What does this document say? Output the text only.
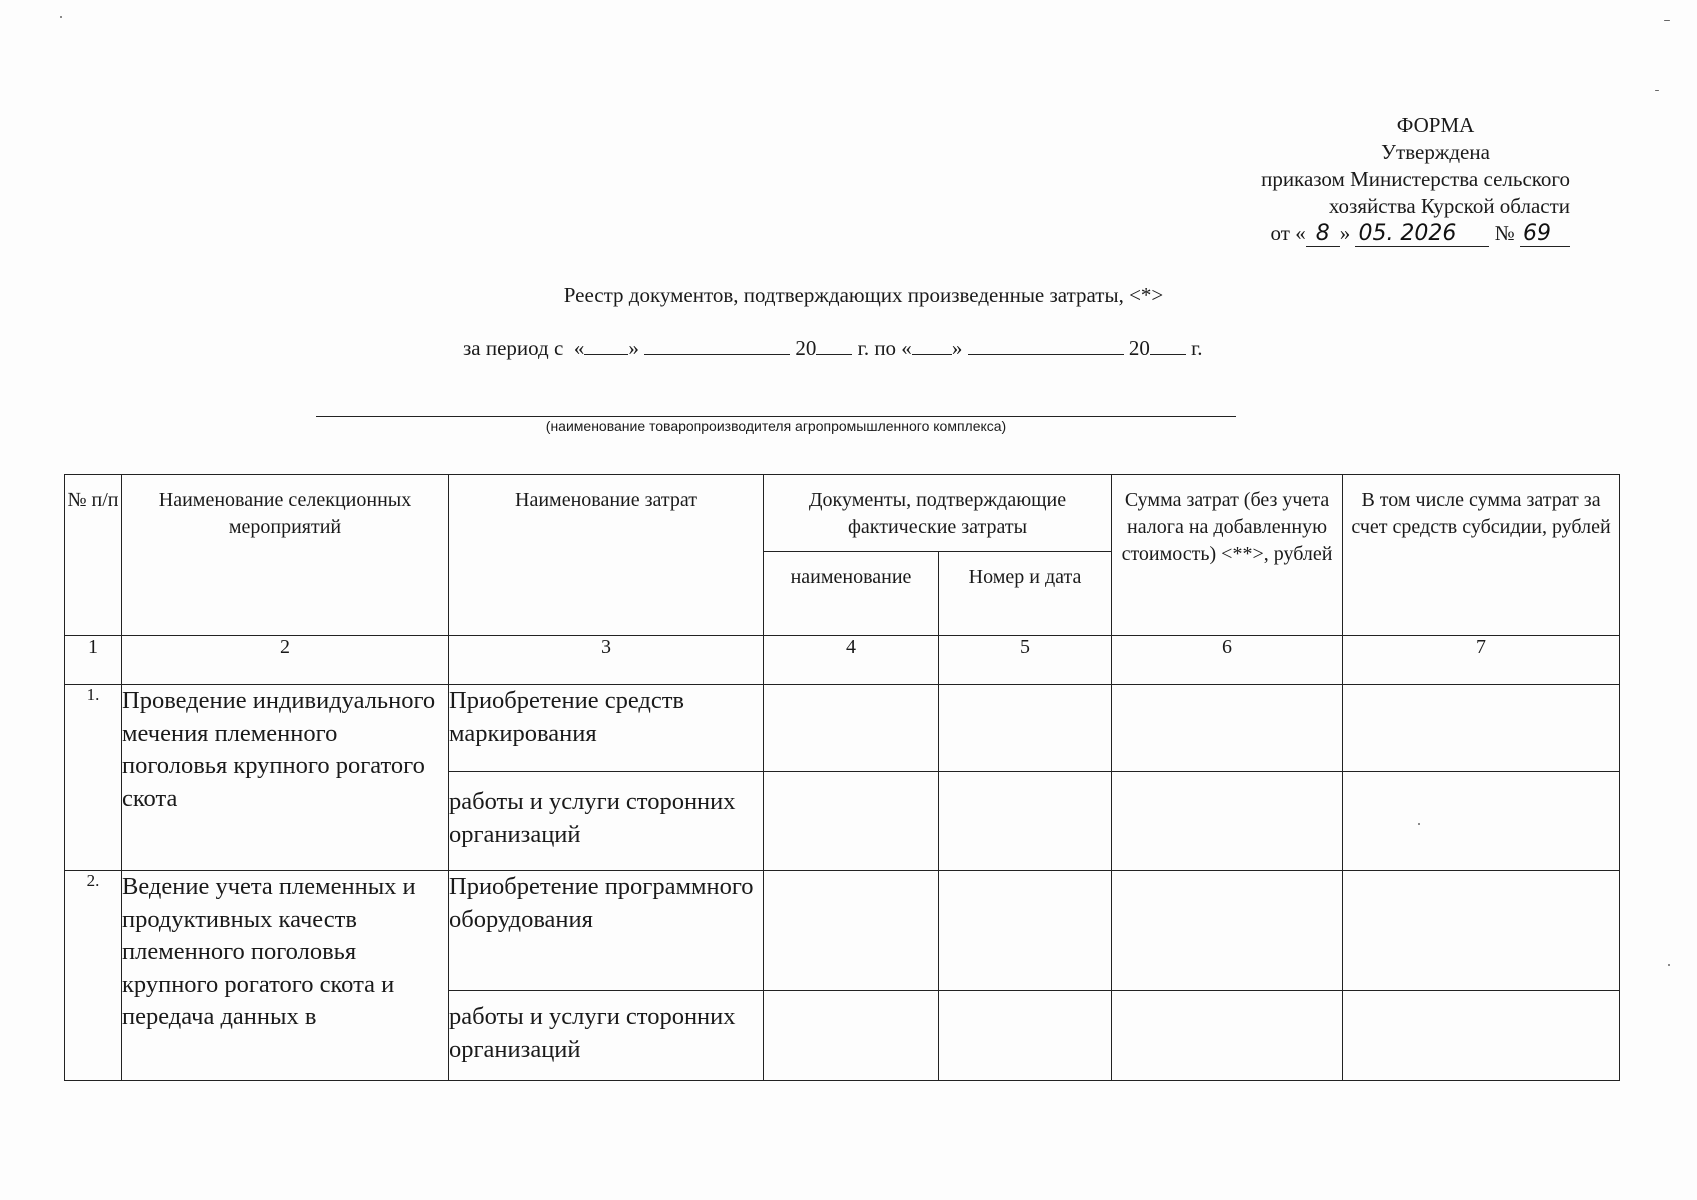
ФОРМА
Утверждена
приказом Министерства сельского
хозяйства Курской области
от « 8 » 05. 2026 № 69
Реестр документов, подтверждающих произведенные затраты, <*>
за период с  « »	20 г. по « »	20 г.
(наименование товаропроизводителя агропромышленного комплекса)
№ п/п	Наименование селекционных мероприятий	Наименование затрат	Документы, подтверждающие фактические затраты		Сумма затрат (без учета налога на добавленную стоимость) <**>, рублей	В том числе сумма затрат за счет средств субсидии, рублей
			наименование	Номер и дата		
1	2	3	4	5	6	7
1.	Проведение индивидуального мечения племенного поголовья крупного рогатого скота	Приобретение средств маркирования				
		работы и услуги сторонних организаций				
2.	Ведение учета племенных и продуктивных качеств племенного поголовья крупного рогатого скота и передача данных в	Приобретение программного оборудования				
		работы и услуги сторонних организаций				
